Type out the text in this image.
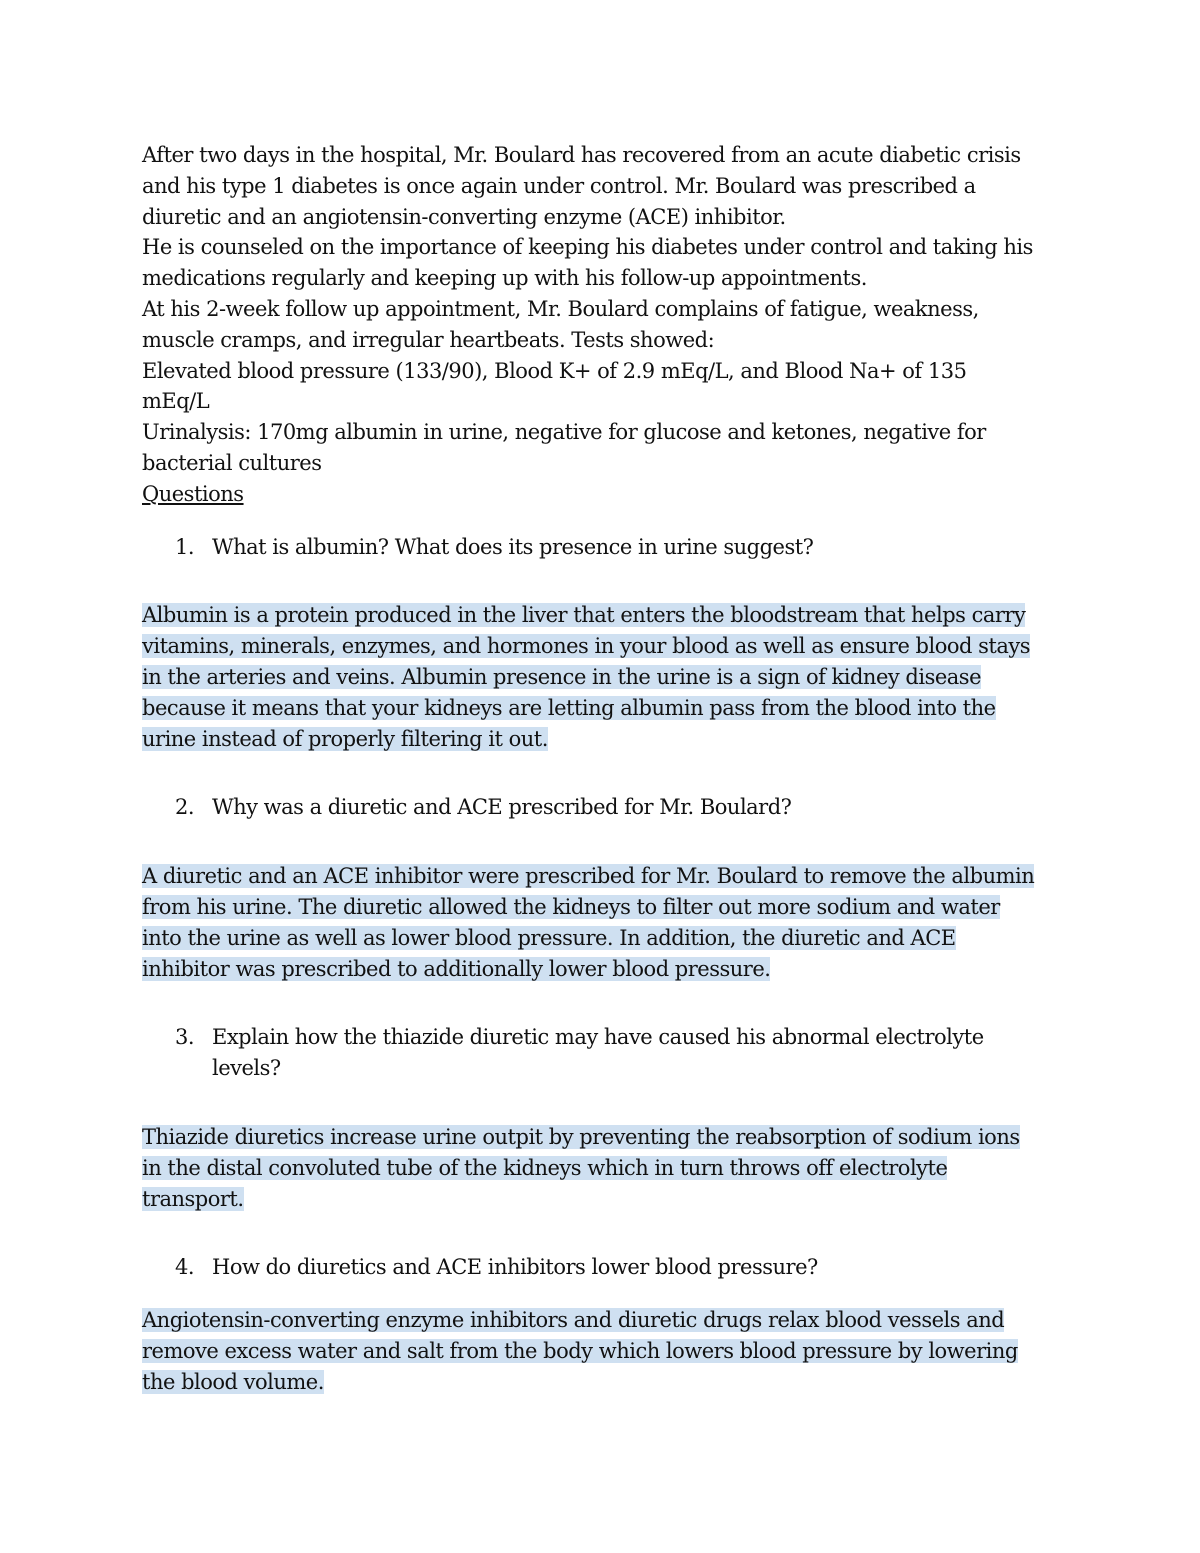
After two days in the hospital, Mr. Boulard has recovered from an acute diabetic crisis
and his type 1 diabetes is once again under control. Mr. Boulard was prescribed a
diuretic and an angiotensin-converting enzyme (ACE) inhibitor.
He is counseled on the importance of keeping his diabetes under control and taking his
medications regularly and keeping up with his follow-up appointments.
At his 2-week follow up appointment, Mr. Boulard complains of fatigue, weakness,
muscle cramps, and irregular heartbeats. Tests showed:
Elevated blood pressure (133/90), Blood K+ of 2.9 mEq/L, and Blood Na+ of 135
mEq/L
Urinalysis: 170mg albumin in urine, negative for glucose and ketones, negative for
bacterial cultures
Questions
1. What is albumin? What does its presence in urine suggest?
Albumin is a protein produced in the liver that enters the bloodstream that helps carry
vitamins, minerals, enzymes, and hormones in your blood as well as ensure blood stays
in the arteries and veins. Albumin presence in the urine is a sign of kidney disease
because it means that your kidneys are letting albumin pass from the blood into the
urine instead of properly filtering it out.
2. Why was a diuretic and ACE prescribed for Mr. Boulard?
A diuretic and an ACE inhibitor were prescribed for Mr. Boulard to remove the albumin
from his urine. The diuretic allowed the kidneys to filter out more sodium and water
into the urine as well as lower blood pressure. In addition, the diuretic and ACE
inhibitor was prescribed to additionally lower blood pressure.
3. Explain how the thiazide diuretic may have caused his abnormal electrolyte
levels?
Thiazide diuretics increase urine outpit by preventing the reabsorption of sodium ions
in the distal convoluted tube of the kidneys which in turn throws off electrolyte
transport.
4. How do diuretics and ACE inhibitors lower blood pressure?
Angiotensin-converting enzyme inhibitors and diuretic drugs relax blood vessels and
remove excess water and salt from the body which lowers blood pressure by lowering
the blood volume.
